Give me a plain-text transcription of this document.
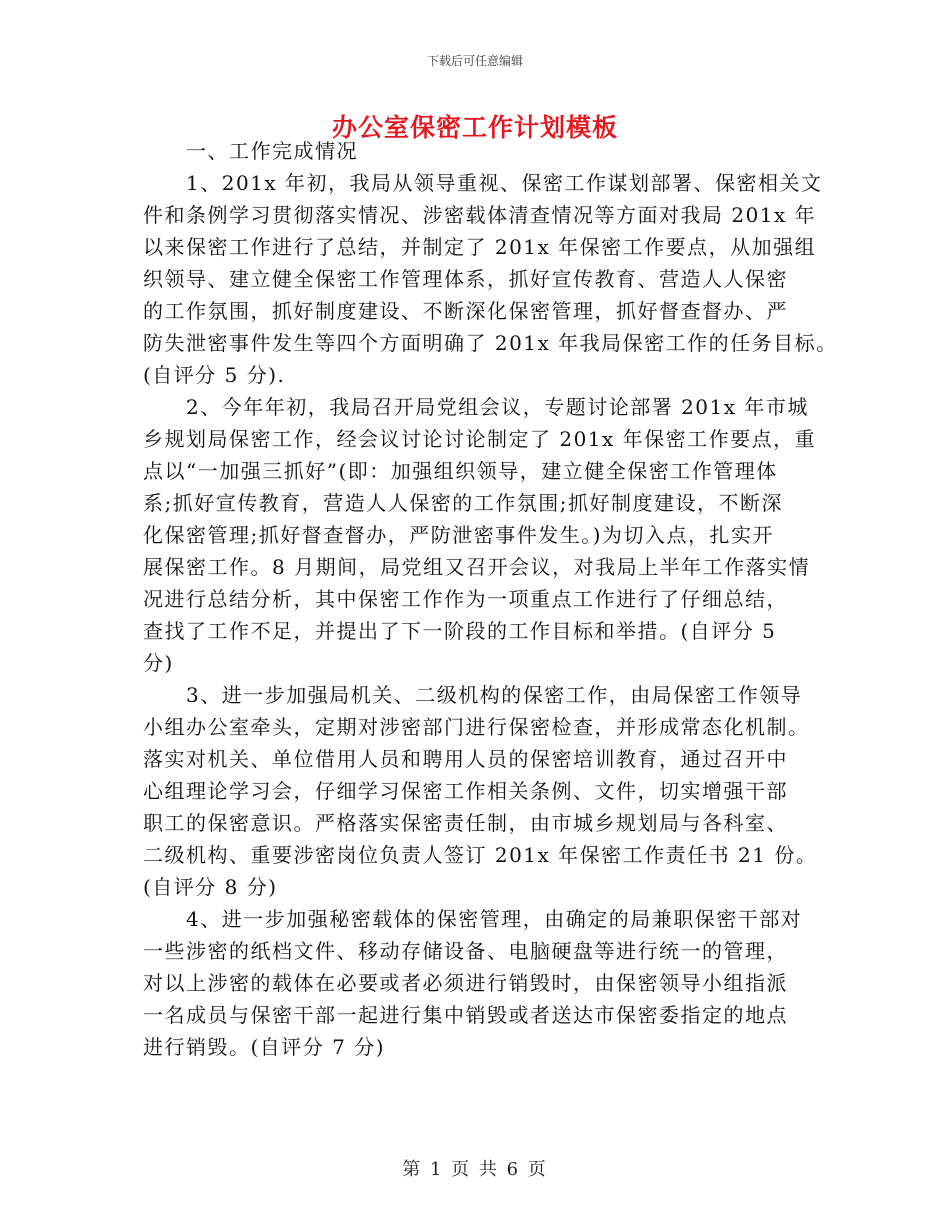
下载后可任意编辑
办公室保密工作计划模板
一、工作完成情况

1、201x 年初，我局从领导重视、保密工作谋划部署、保密相关文
件和条例学习贯彻落实情况、涉密载体清查情况等方面对我局 201x 年
以来保密工作进行了总结，并制定了 201x 年保密工作要点，从加强组
织领导、建立健全保密工作管理体系，抓好宣传教育、营造人人保密
的工作氛围，抓好制度建设、不断深化保密管理，抓好督查督办、严
防失泄密事件发生等四个方面明确了 201x 年我局保密工作的任务目标。
(自评分 5 分).

2、今年年初，我局召开局党组会议，专题讨论部署 201x 年市城
乡规划局保密工作，经会议讨论讨论制定了 201x 年保密工作要点，重
点以“一加强三抓好”(即：加强组织领导，建立健全保密工作管理体
系;抓好宣传教育，营造人人保密的工作氛围;抓好制度建设，不断深
化保密管理;抓好督查督办，严防泄密事件发生。)为切入点，扎实开
展保密工作。8 月期间，局党组又召开会议，对我局上半年工作落实情
况进行总结分析，其中保密工作作为一项重点工作进行了仔细总结，
查找了工作不足，并提出了下一阶段的工作目标和举措。(自评分 5
分)

3、进一步加强局机关、二级机构的保密工作，由局保密工作领导
小组办公室牵头，定期对涉密部门进行保密检查，并形成常态化机制。
落实对机关、单位借用人员和聘用人员的保密培训教育，通过召开中
心组理论学习会，仔细学习保密工作相关条例、文件，切实增强干部
职工的保密意识。严格落实保密责任制，由市城乡规划局与各科室、
二级机构、重要涉密岗位负责人签订 201x 年保密工作责任书 21 份。
(自评分 8 分)

4、进一步加强秘密载体的保密管理，由确定的局兼职保密干部对
一些涉密的纸档文件、移动存储设备、电脑硬盘等进行统一的管理，
对以上涉密的载体在必要或者必须进行销毁时，由保密领导小组指派
一名成员与保密干部一起进行集中销毁或者送达市保密委指定的地点
进行销毁。(自评分 7 分)

第 1 页 共 6 页
